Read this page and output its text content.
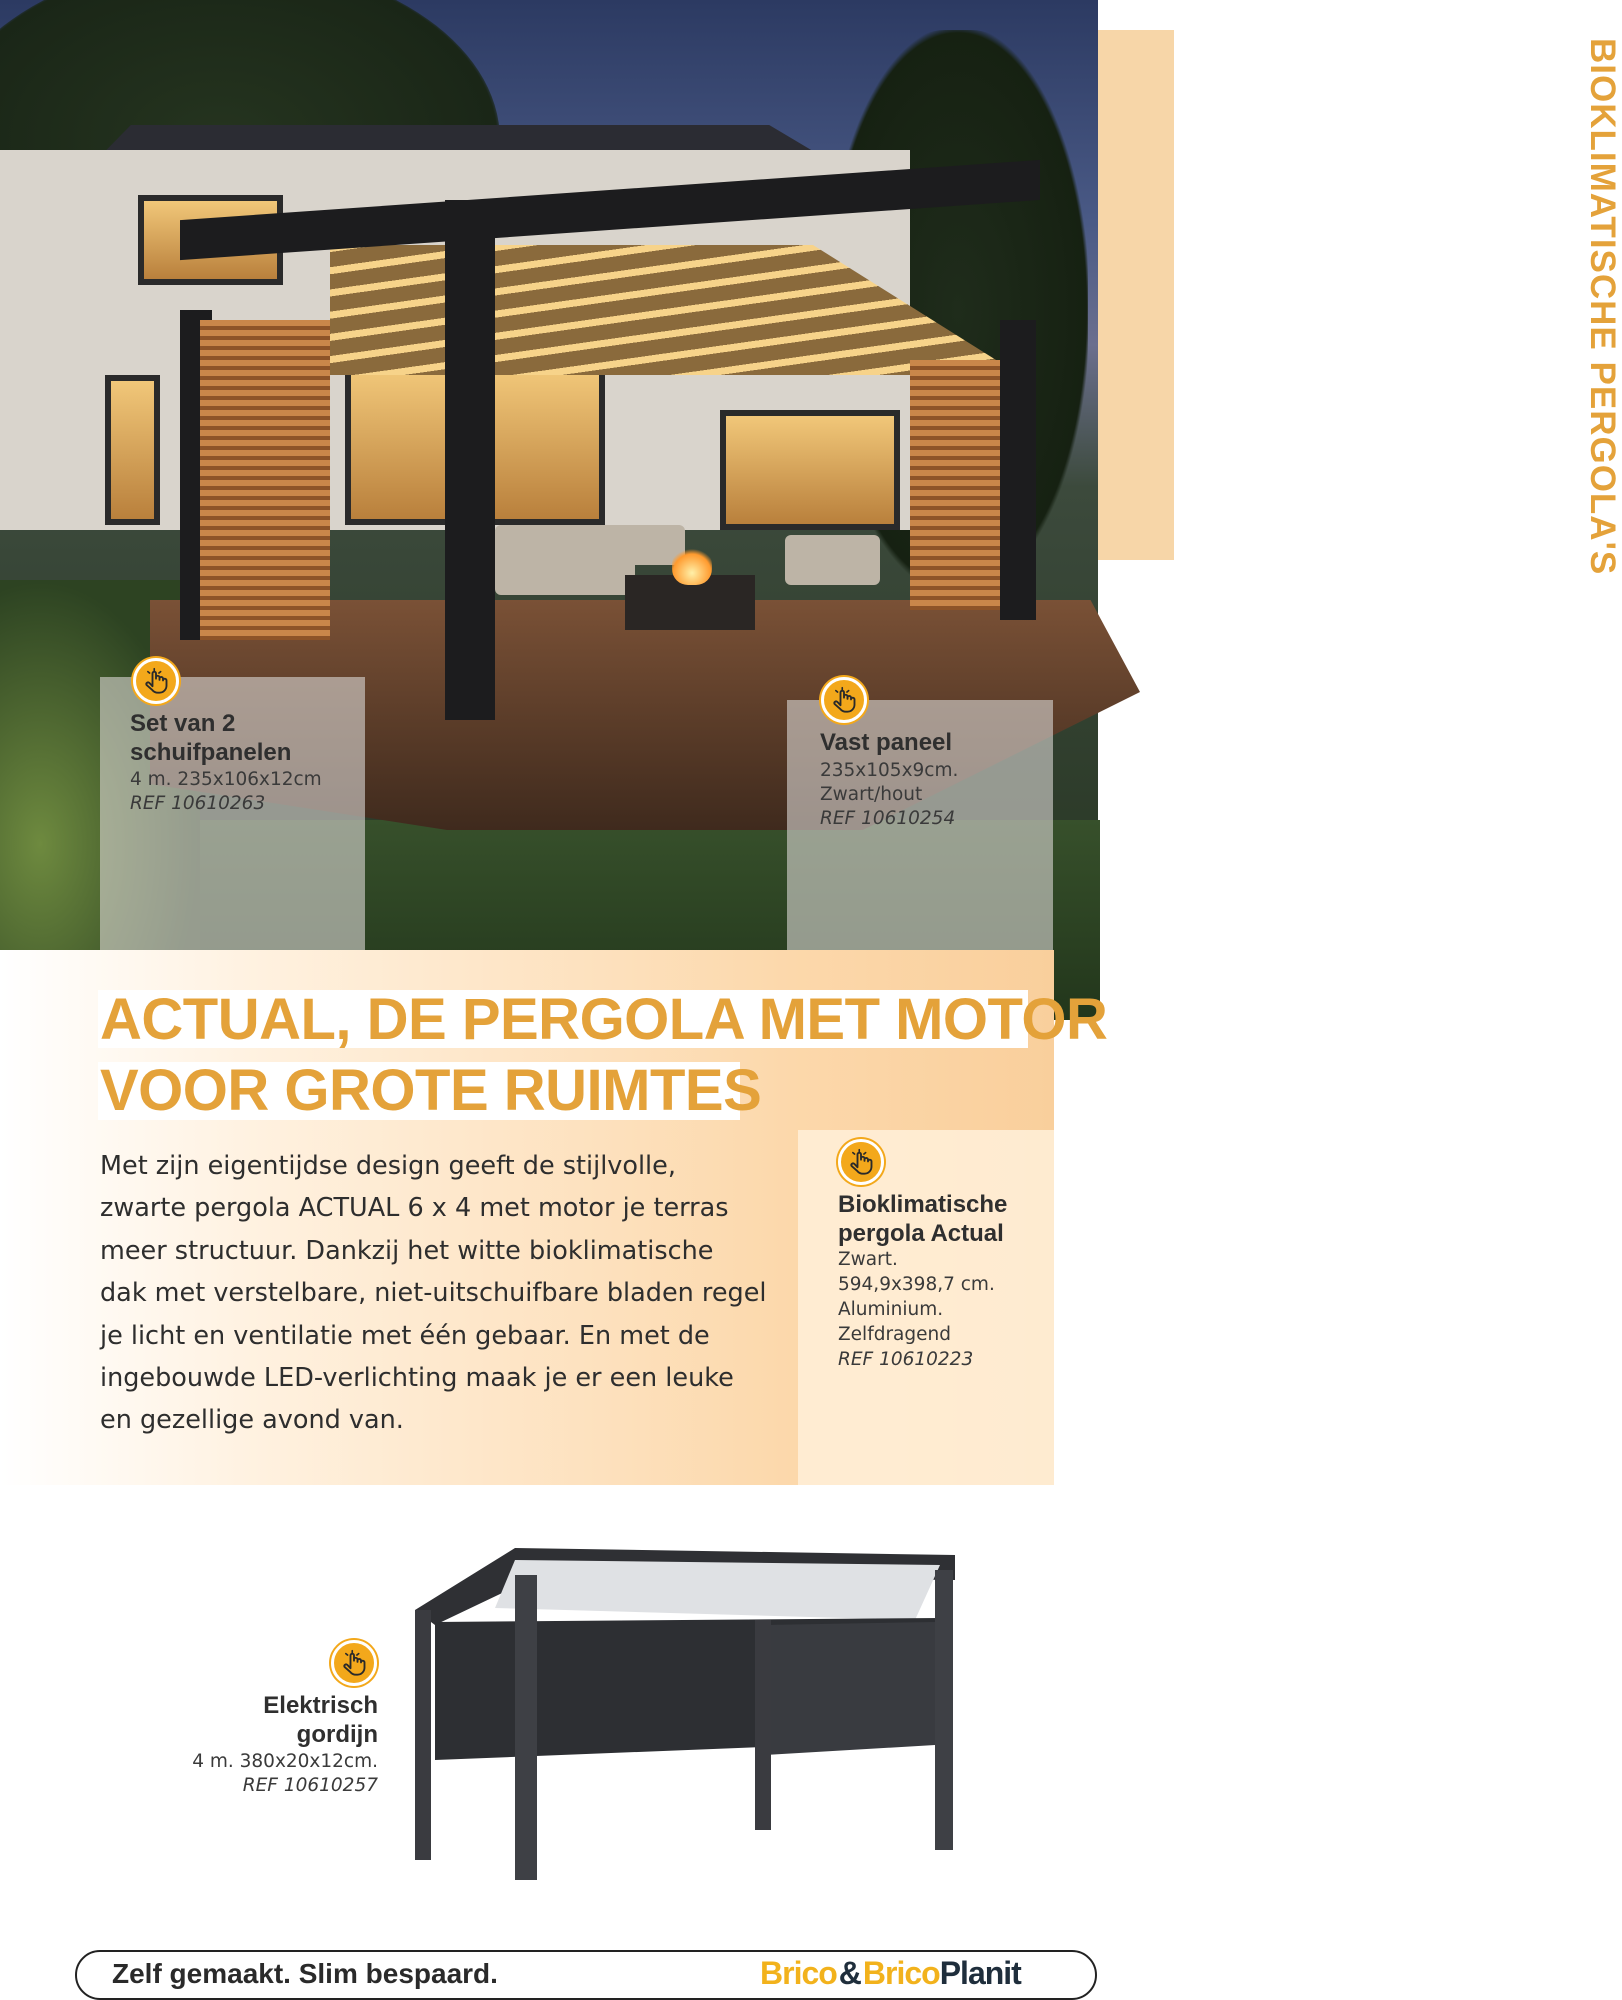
BIOKLIMATISCHE PERGOLA'S
Set van 2
schuifpanelen
4 m. 235x106x12cm
REF 10610263
Vast paneel
235x105x9cm.
Zwart/hout
REF 10610254
ACTUAL, DE PERGOLA MET MOTOR
VOOR GROTE RUIMTES
Met zijn eigentijdse design geeft de stijlvolle,
zwarte pergola ACTUAL 6 x 4 met motor je terras
meer structuur. Dankzij het witte bioklimatische
dak met verstelbare, niet-uitschuifbare bladen regel
je licht en ventilatie met één gebaar. En met de
ingebouwde LED-verlichting maak je er een leuke
en gezellige avond van.
Bioklimatische
pergola Actual
Zwart.
594,9x398,7 cm.
Aluminium.
Zelfdragend
REF 10610223
Elektrisch
gordijn
4 m. 380x20x12cm.
REF 10610257
Zelf gemaakt. Slim bespaard.	Brico&BricoPlanit
